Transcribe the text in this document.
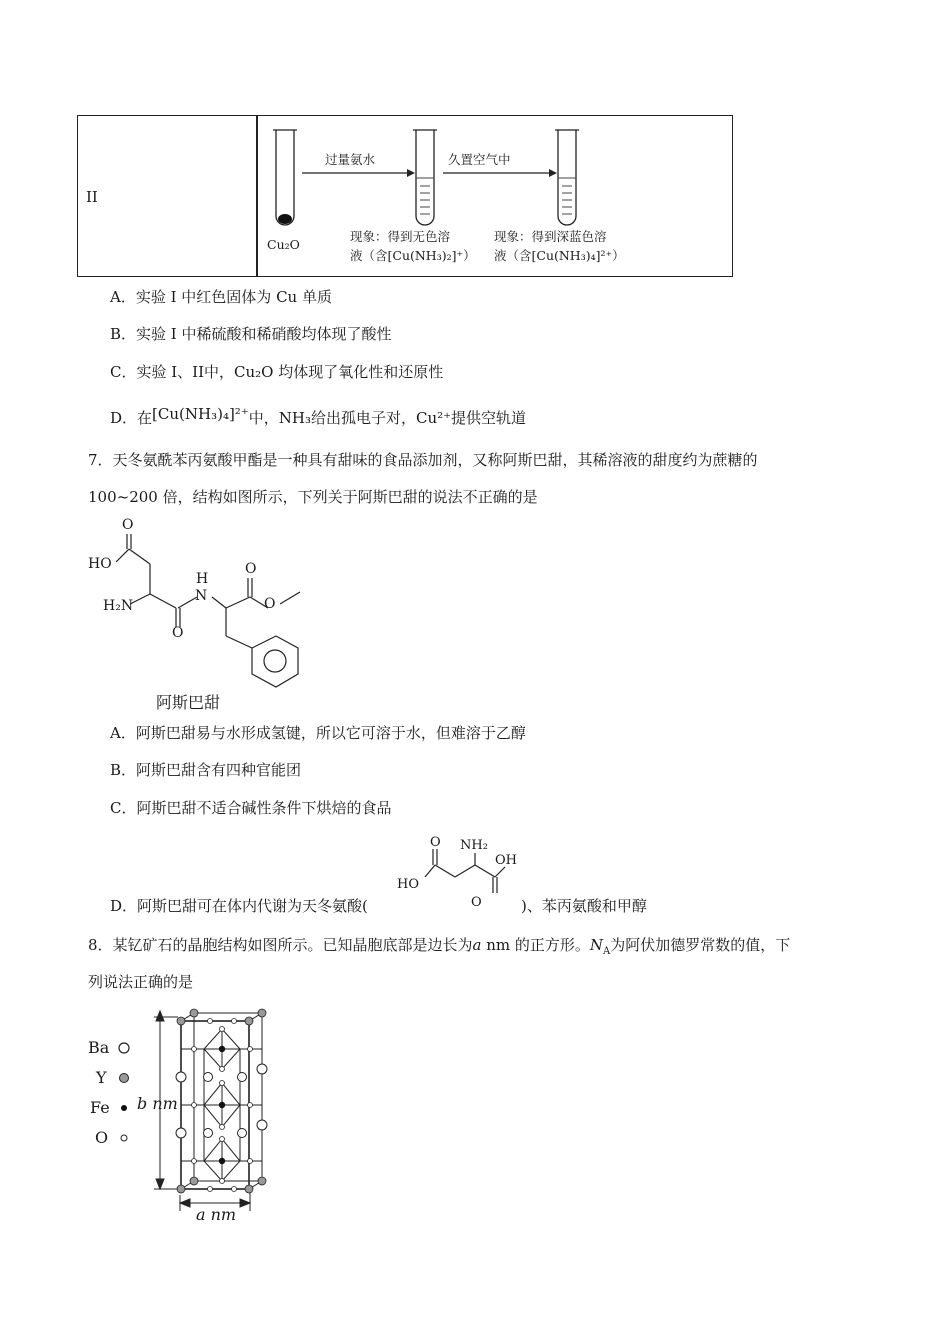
II
Cu₂O
过量氨水	久置空气中
现象：得到无色溶
液（含[Cu(NH₃)₂]⁺）
现象：得到深蓝色溶
液（含[Cu(NH₃)₄]²⁺）
A．实验 I 中红色固体为 Cu 单质
B．实验 I 中稀硫酸和稀硝酸均体现了酸性
C．实验 I、II中，Cu₂O 均体现了氧化性和还原性
D．在[Cu(NH₃)₄]²⁺中，NH₃给出孤电子对，Cu²⁺提供空轨道
7．天冬氨酰苯丙氨酸甲酯是一种具有甜味的食品添加剂，又称阿斯巴甜，其稀溶液的甜度约为蔗糖的
100~200 倍，结构如图所示，下列关于阿斯巴甜的说法不正确的是
O
HO
H₂N
O
H
N
O
O
阿斯巴甜
A．阿斯巴甜易与水形成氢键，所以它可溶于水，但难溶于乙醇
B．阿斯巴甜含有四种官能团
C．阿斯巴甜不适合碱性条件下烘焙的食品
O NH₂
OH
HO
O
D．阿斯巴甜可在体内代谢为天冬氨酸(	)、苯丙氨酸和甲醇
8．某钇矿石的晶胞结构如图所示。已知晶胞底部是边长为a nm 的正方形。$N_A$为阿伏加德罗常数的值，下
列说法正确的是
Ba
Y
Fe
O
b nm
a nm
